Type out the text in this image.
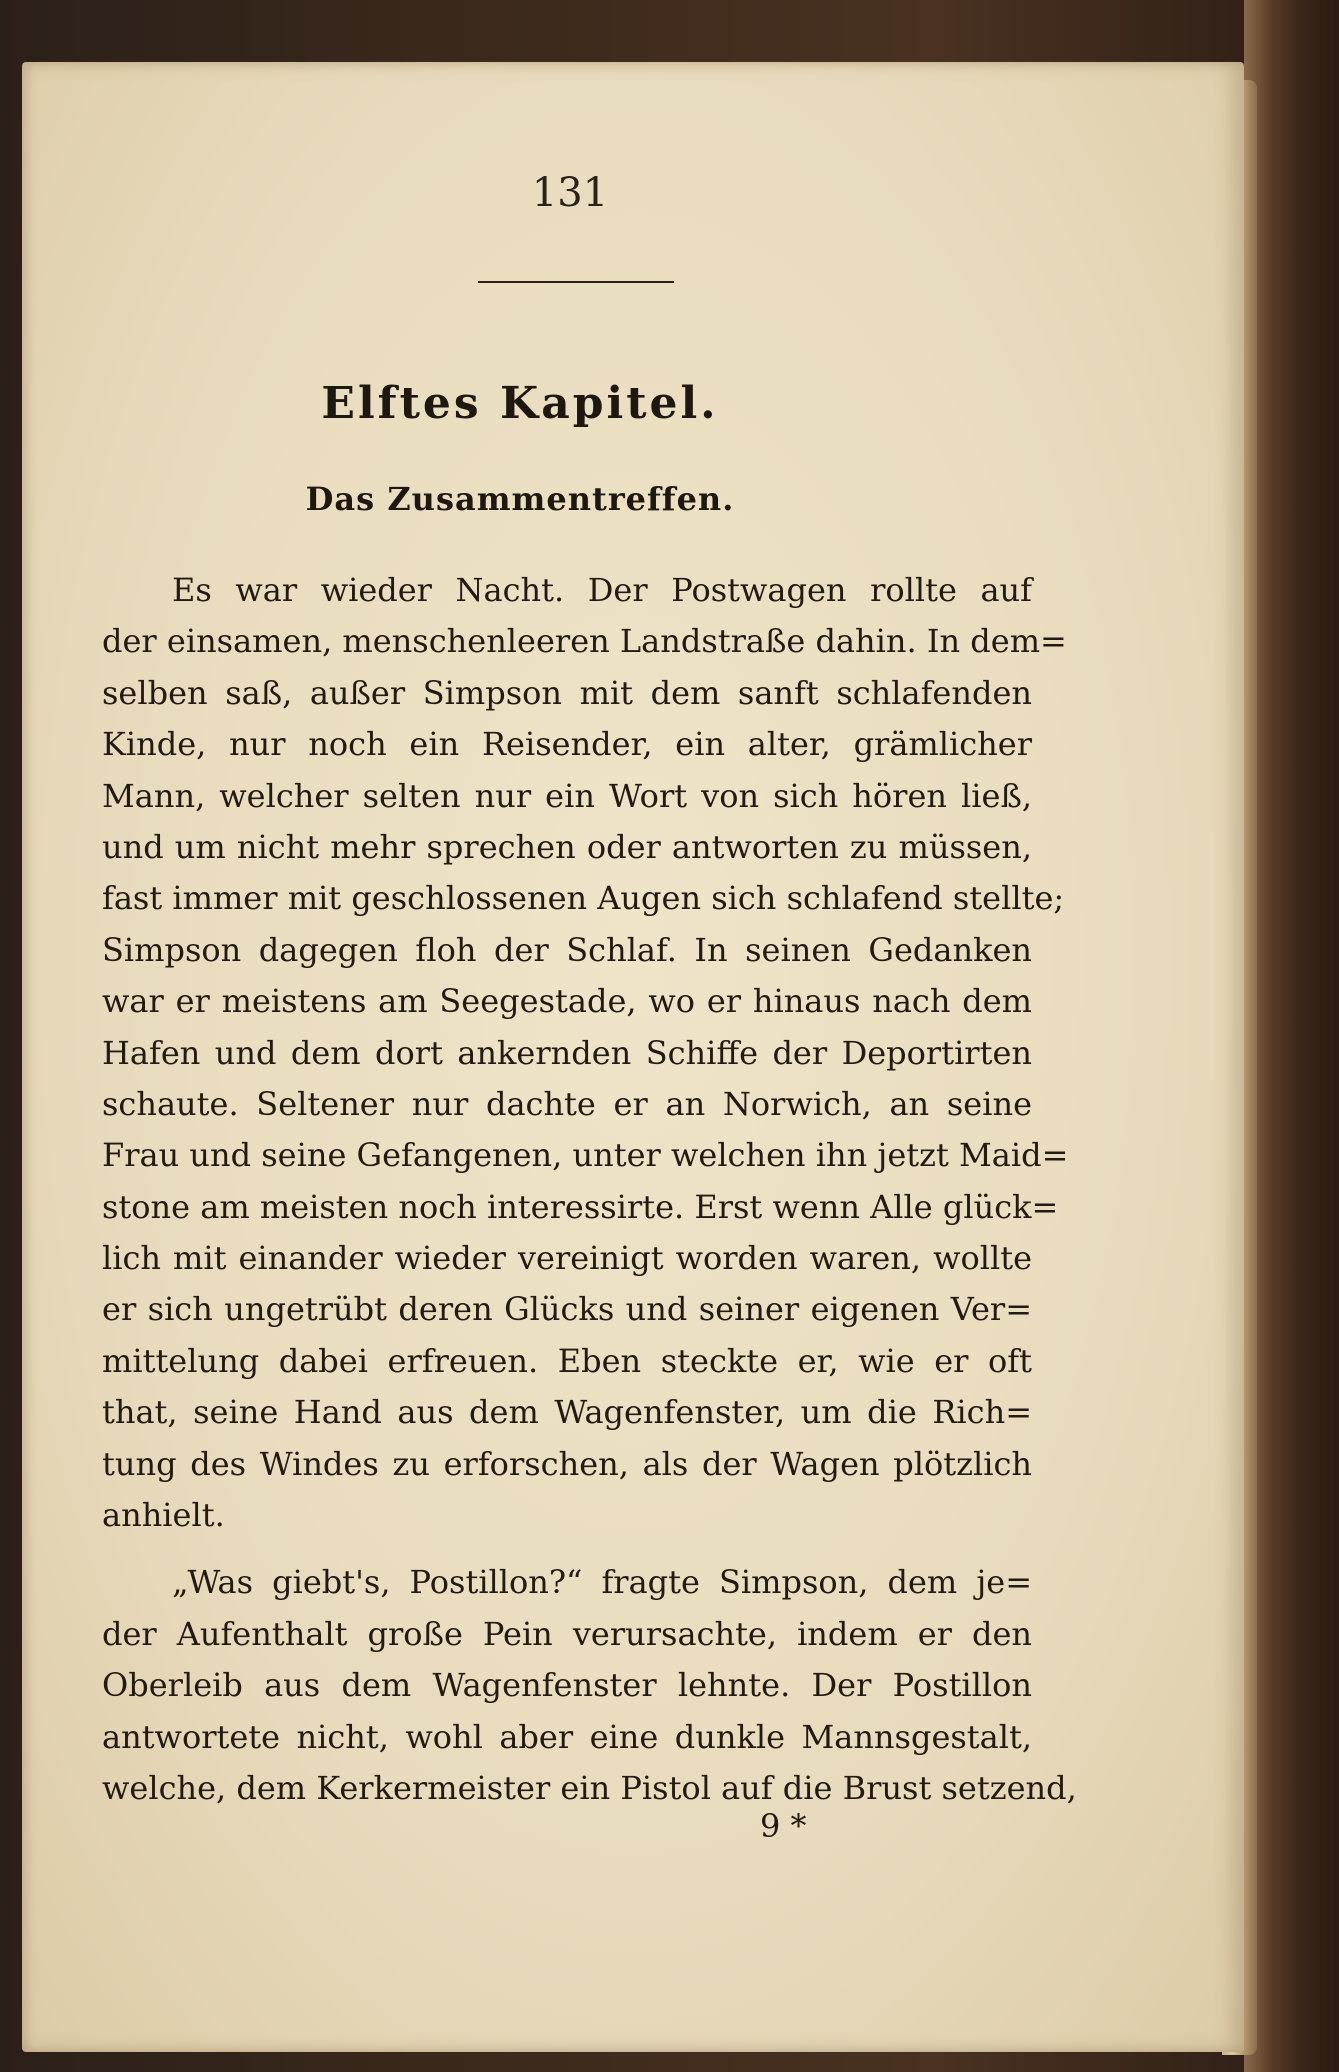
131
Elftes Kapitel.
Das Zusammentreffen.
Es war wieder Nacht. Der Postwagen rollte auf
der einsamen, menschenleeren Landstraße dahin. In dem=
selben saß, außer Simpson mit dem sanft schlafenden
Kinde, nur noch ein Reisender, ein alter, grämlicher
Mann, welcher selten nur ein Wort von sich hören ließ,
und um nicht mehr sprechen oder antworten zu müssen,
fast immer mit geschlossenen Augen sich schlafend stellte;
Simpson dagegen floh der Schlaf. In seinen Gedanken
war er meistens am Seegestade, wo er hinaus nach dem
Hafen und dem dort ankernden Schiffe der Deportirten
schaute. Seltener nur dachte er an Norwich, an seine
Frau und seine Gefangenen, unter welchen ihn jetzt Maid=
stone am meisten noch interessirte. Erst wenn Alle glück=
lich mit einander wieder vereinigt worden waren, wollte
er sich ungetrübt deren Glücks und seiner eigenen Ver=
mittelung dabei erfreuen. Eben steckte er, wie er oft
that, seine Hand aus dem Wagenfenster, um die Rich=
tung des Windes zu erforschen, als der Wagen plötzlich
anhielt.
„Was giebt's, Postillon?“ fragte Simpson, dem je=
der Aufenthalt große Pein verursachte, indem er den
Oberleib aus dem Wagenfenster lehnte. Der Postillon
antwortete nicht, wohl aber eine dunkle Mannsgestalt,
welche, dem Kerkermeister ein Pistol auf die Brust setzend,
9 *
